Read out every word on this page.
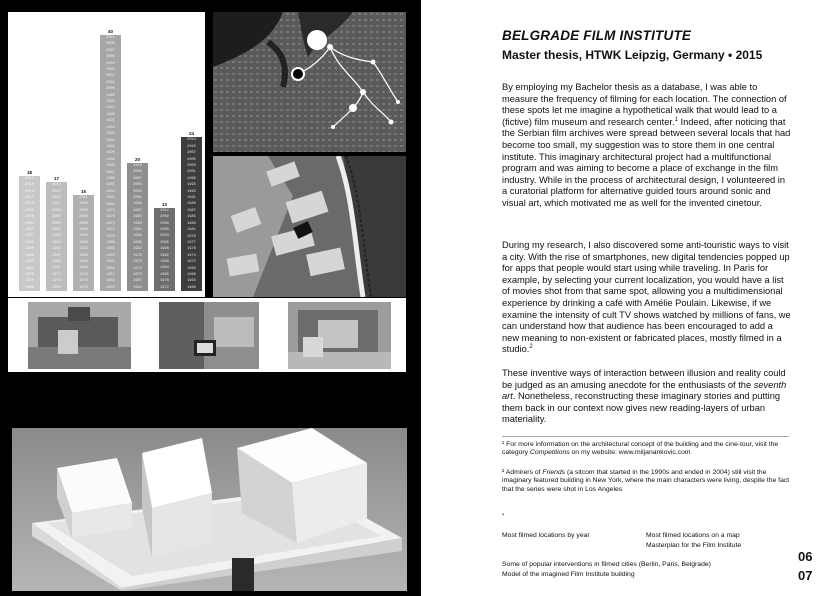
2015
2014
2013
2012
2010
2008
2006
2004
2001
1997
1993
1990
1988
1985
1982
1978
1974
1969
18
2014
2013
2012
2011
2009
2007
2005
2002
1998
1994
1991
1987
1984
1981
1977
1973
1968
17
2011
2010
2009
2008
2006
2003
2000
1996
1992
1989
1986
1983
1979
1975
1970
15
2011
2008
2007
2006
2004
2003
2002
2001
2000
1999
1998
1997
1996
1995
1994
1993
1992
1991
1990
1989
1988
1987
1986
1985
1984
1982
1980
1978
1976
1974
1972
1970
1968
1966
1964
1962
1959
1957
1954
1950
40
2012
2009
2007
2005
2003
2001
1999
1997
1995
1993
1991
1988
1985
1982
1979
1976
1973
1970
1967
1964
20
2012
2009
2008
2006
2003
2000
1996
1992
1988
1984
1980
1976
1972
13
2013
2010
2007
2005
2003
2001
1999
1995
1993
1991
1989
1987
1985
1983
1981
1979
1977
1976
1974
1972
1969
1966
1963
1960
24
BELGRADE FILM INSTITUTE
Master thesis, HTWK Leipzig, Germany • 2015

By employing my Bachelor thesis as a database, I was able to measure the frequency of filming for each location. The connection of these spots let me imagine a hypothetical walk that would lead to a (fictive) film museum and research center.$^1$ Indeed, after noticing that the Serbian film archives were spread between several locals that had become too small, my suggestion was to store them in one central institute. This imaginary architectural project had a multifunctional program and was aiming to become a place of exchange in the film industry. While in the process of architectural design, I volunteered in a curatorial platform for alternative guided tours around sonic and visual art, which motivated me as well for the invented cinetour.

During my research, I also discovered some anti-touristic ways to visit a city. With the rise of smartphones, new digital tendencies popped up for apps that people would start using while traveling. In Paris for example, by selecting your current localization, you would have a list of movies shot from that same spot, allowing you a multidimensional experience by drinking a café with Amélie Poulain. Likewise, if we examine the intensity of cult TV shows watched by millions of fans, we can understand how that audience has been encouraged to add a new meaning to non-existent or fabricated places, mostly filmed in a studio.$^2$

These inventive ways of interaction between illusion and reality could be judged as an amusing anecdote for the enthusiasts of the seventh art. Nonetheless, reconstructing these imaginary stories and putting them back in our context now gives new reading-layers of urban materiality.

¹ For more information on the architectural concept of the building and the cine-tour, visit the category Competitions on my website: www.miljanankovic.com
² Admirers of Friends (a sitcom that started in the 1990s and ended in 2004) still visit the imaginary featured building in New York, where the main characters were living, despite the fact that the series were shot in Los Angeles
‹
Most filmed locations by year	Most filmed locations on a map
Masterplan for the Film Institute
Some of popular interventions in filmed cities (Berlin, Paris, Belgrade)
Model of the imagined Film Institute building
06
07
